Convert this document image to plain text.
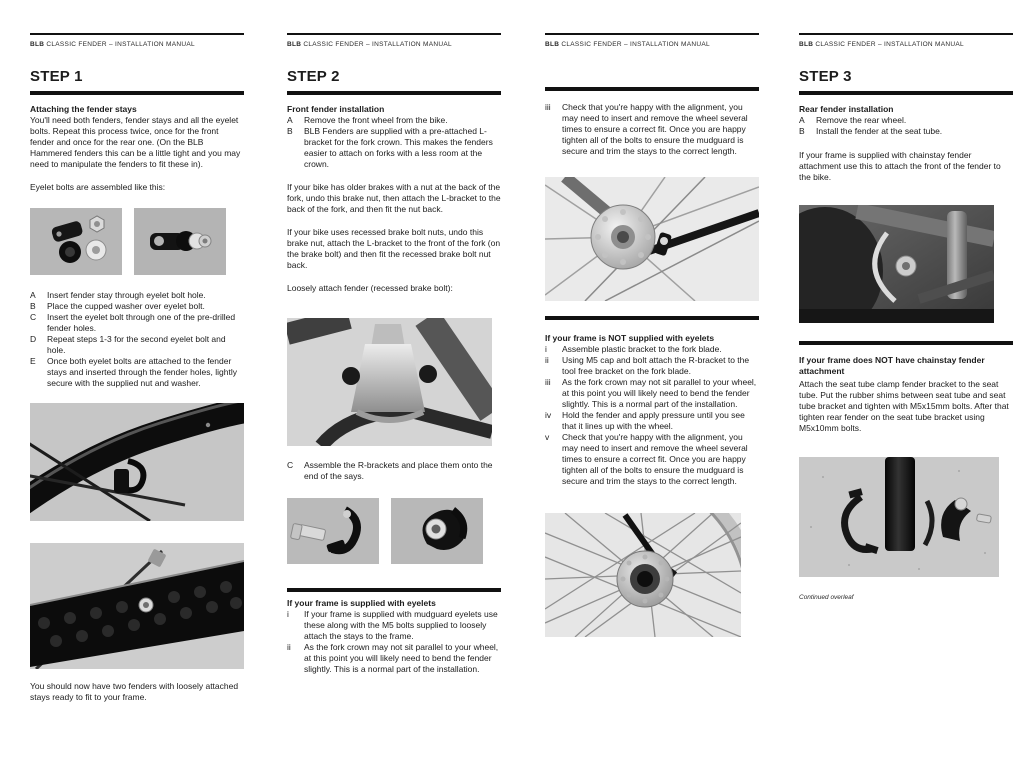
BLB CLASSIC FENDER – INSTALLATION MANUAL
STEP 1
Attaching the fender stays
You'll need both fenders, fender stays and all the eyelet bolts. Repeat this process twice, once for the front fender and once for the rear one. (On the BLB Hammered fenders this can be a little tight and you may need to manipulate the fenders to fit these in).
Eyelet bolts are assembled like this:
A	Insert fender stay through eyelet bolt hole.
B	Place the cupped washer over eyelet bolt.
C	Insert the eyelet bolt through one of the pre-drilled fender holes.
D	Repeat steps 1-3 for the second eyelet bolt and hole.
E	Once both eyelet bolts are attached to the fender stays and inserted through the fender holes, lightly secure with the supplied nut and washer.
You should now have two fenders with loosely attached stays ready to fit to your frame.
BLB CLASSIC FENDER – INSTALLATION MANUAL
STEP 2
Front fender installation
A	Remove the front wheel from the bike.
B	BLB Fenders are supplied with a pre-attached L-bracket for the fork crown. This makes the fenders easier to attach on forks with a less room at the crown.
If your bike has older brakes with a nut at the back of the fork, undo this brake nut, then attach the L-bracket to the back of the fork, and then fit the nut back.
If your bike uses recessed brake bolt nuts, undo this brake nut, attach the L-bracket to the front of the fork (on the brake bolt) and then fit the recessed brake bolt nut back.
Loosely attach fender (recessed brake bolt):
C	Assemble the R-brackets and place them onto the end of the says.
If your frame is supplied with eyelets
i	If your frame is supplied with mudguard eyelets use these along with the M5 bolts supplied to loosely attach the stays to the frame.
ii	As the fork crown may not sit parallel to your wheel, at this point you will likely need to bend the fender slightly. This is a normal part of the installation.
BLB CLASSIC FENDER – INSTALLATION MANUAL
iii	Check that you're happy with the alignment, you may need to insert and remove the wheel several times to ensure a correct fit. Once you are happy tighten all of the bolts to ensure the mudguard is secure and trim the stays to the correct length.
If your frame is NOT supplied with eyelets
i	Assemble plastic bracket to the fork blade.
ii	Using M5 cap and bolt attach the R-bracket to the tool free bracket on the fork blade.
iii	As the fork crown may not sit parallel to your wheel, at this point you will likely need to bend the fender slightly. This is a normal part of the installation.
iv	Hold the fender and apply pressure until you see that it lines up with the wheel.
v	Check that you're happy with the alignment, you may need to insert and remove the wheel several times to ensure a correct fit. Once you are happy tighten all of the bolts to ensure the mudguard is secure and trim the stays to the correct length.
BLB CLASSIC FENDER – INSTALLATION MANUAL
STEP 3
Rear fender installation
A	Remove the rear wheel.
B	Install the fender at the seat tube.
If your frame is supplied with chainstay fender attachment use this to attach the front of the fender to the bike.
If your frame does NOT have chainstay fender attachment
Attach the seat tube clamp fender bracket to the seat tube. Put the rubber shims between seat tube and seat tube bracket and tighten with M5x15mm bolts. After that tighten rear fender on the seat tube bracket using M5x10mm bolts.
Continued overleaf
